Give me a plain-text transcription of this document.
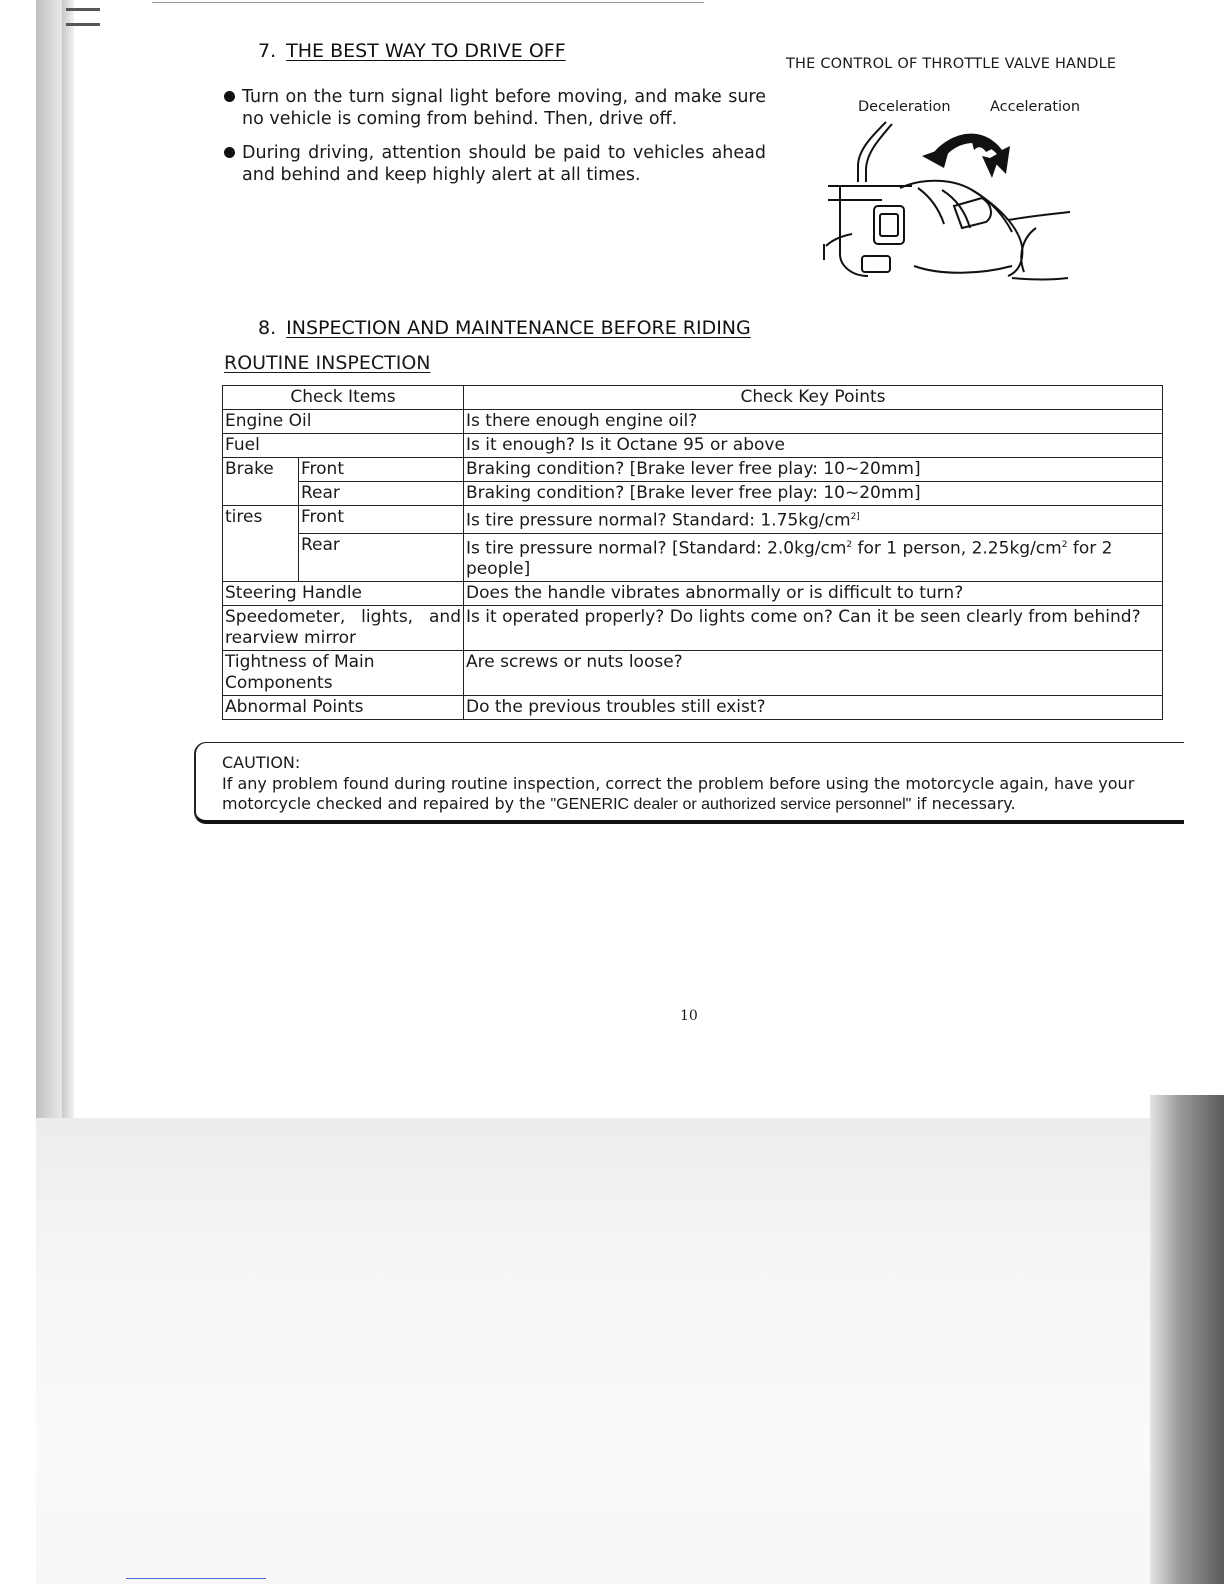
7. THE BEST WAY TO DRIVE OFF
Turn on the turn signal light before moving, and make sure no vehicle is coming from behind. Then, drive off.
During driving, attention should be paid to vehicles ahead and behind and keep highly alert at all times.
THE CONTROL OF THROTTLE VALVE HANDLE
Deceleration	Acceleration
8. INSPECTION AND MAINTENANCE BEFORE RIDING
ROUTINE INSPECTION
Check Items		Check Key Points
Engine Oil		Is there enough engine oil?
Fuel		Is it enough? Is it Octane 95 or above
Brake	Front	Braking condition? [Brake lever free play: 10~20mm]
	Rear	Braking condition? [Brake lever free play: 10~20mm]
tires	Front	Is tire pressure normal? Standard: $1.75kg/cm^{2]}$
	Rear	Is tire pressure normal? [Standard: $2.0kg/cm^2$ for 1 person, $2.25kg/cm^2$ for 2 people]
Steering Handle		Does the handle vibrates abnormally or is difficult to turn?
Speedometer, lights, and rearview mirror		Is it operated properly? Do lights come on? Can it be seen clearly from behind?
Tightness of Main Components		Are screws or nuts loose?
Abnormal Points		Do the previous troubles still exist?
CAUTION:
If any problem found during routine inspection, correct the problem before using the motorcycle again, have your motorcycle checked and repaired by the "GENERIC dealer or authorized service personnel" if necessary.
10
